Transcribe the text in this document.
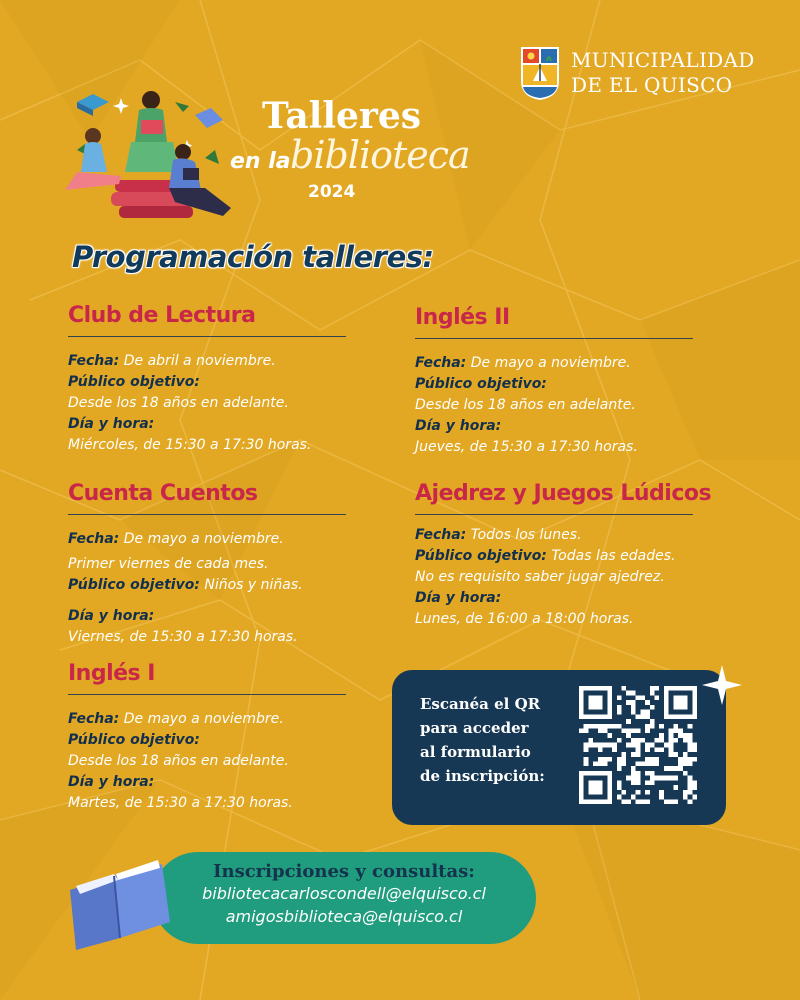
MUNICIPALIDAD
DE EL QUISCO
Talleres
en la biblioteca
2024
Programación talleres:
Club de Lectura
Fecha: De abril a noviembre.
Público objetivo:
Desde los 18 años en adelante.
Día y hora:
Miércoles, de 15:30 a 17:30 horas.
Cuenta Cuentos
Fecha: De mayo a noviembre.
Primer viernes de cada mes.
Público objetivo: Niños y niñas.
Día y hora:
Viernes, de 15:30 a 17:30 horas.
Inglés I
Fecha: De mayo a noviembre.
Público objetivo:
Desde los 18 años en adelante.
Día y hora:
Martes, de 15:30 a 17:30 horas.
Inglés II
Fecha: De mayo a noviembre.
Público objetivo:
Desde los 18 años en adelante.
Día y hora:
Jueves, de 15:30 a 17:30 horas.
Ajedrez y Juegos Lúdicos
Fecha: Todos los lunes.
Público objetivo: Todas las edades.
No es requisito saber jugar ajedrez.
Día y hora:
Lunes, de 16:00 a 18:00 horas.
Escanéa el QR
para acceder
al formulario
de inscripción:
Inscripciones y consultas:
bibliotecacarloscondell@elquisco.cl
amigosbiblioteca@elquisco.cl
